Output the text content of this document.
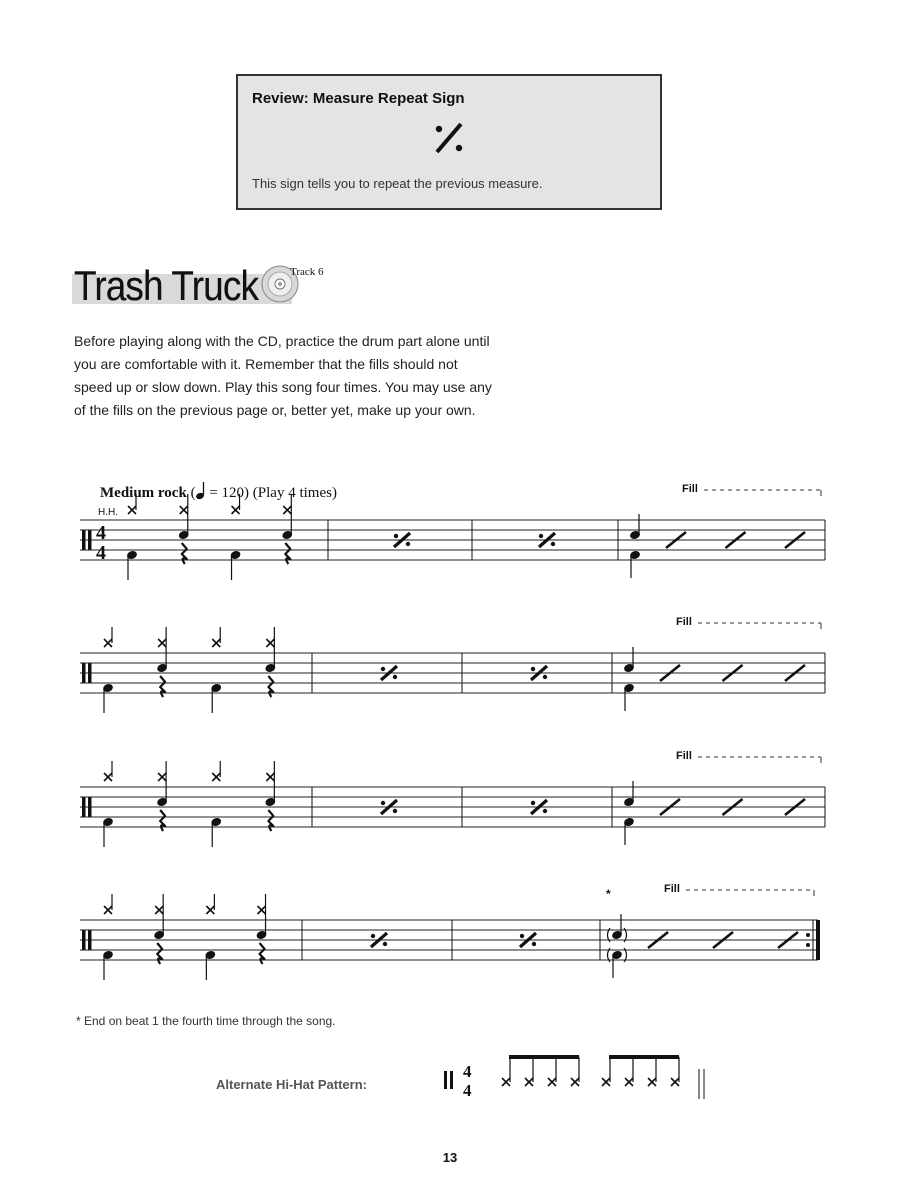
Review: Measure Repeat Sign
This sign tells you to repeat the previous measure.
Trash Truck	Track 6

Before playing along with the CD, practice the drum part alone until

you are comfortable with it. Remember that the fills should not

speed up or slow down. Play this song four times. You may use any

of the fills on the previous page or, better yet, make up your own.

Medium rock ( = 120) (Play 4 times)
4
4
H.H.
Fill
Fill
Fill
*	Fill
4
4
* End on beat 1 the fourth time through the song.
Alternate Hi-Hat Pattern:
13
